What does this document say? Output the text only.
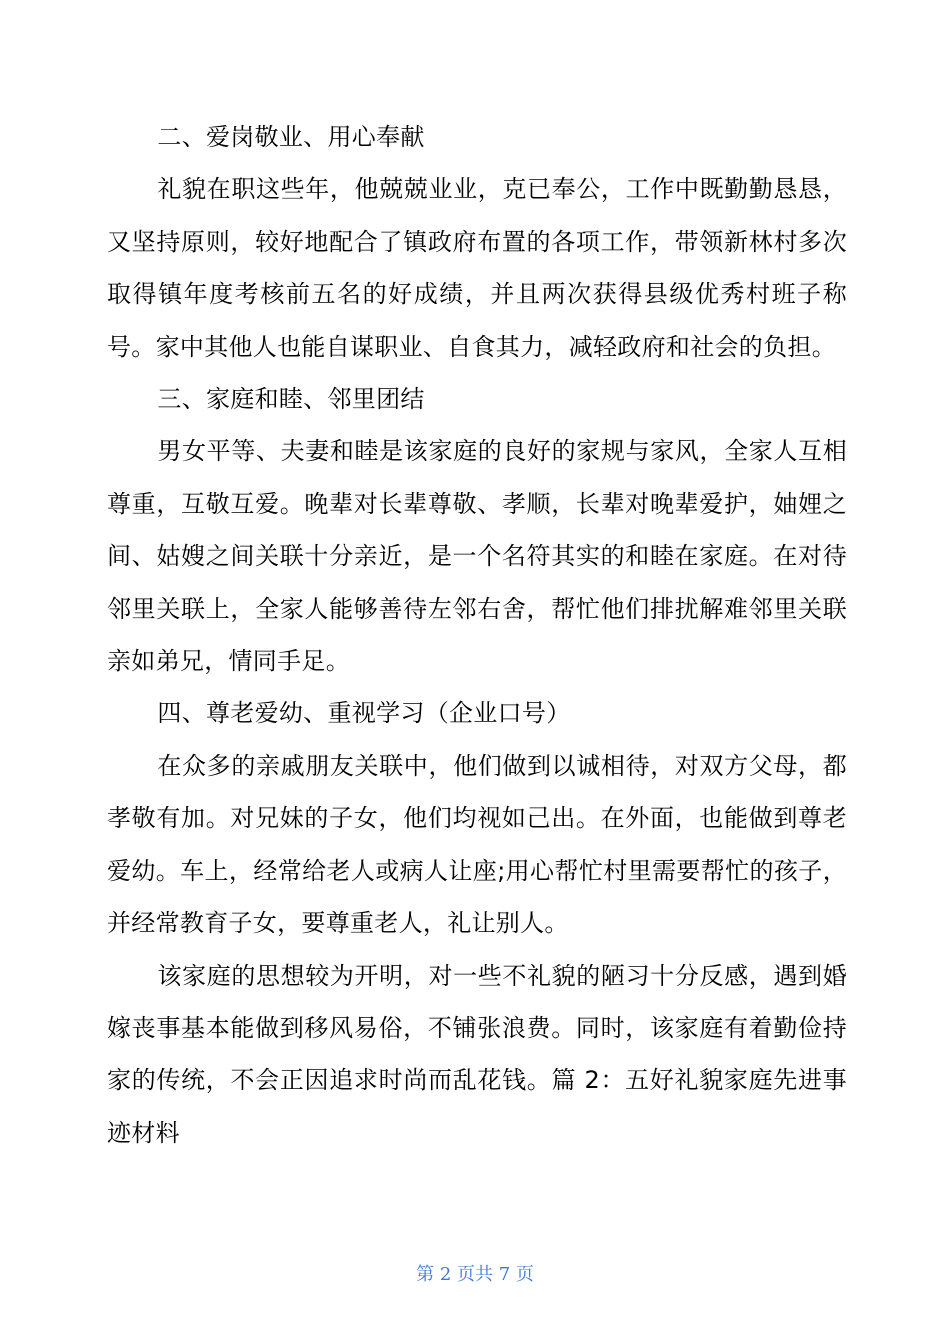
二、爱岗敬业、用心奉献

礼貌在职这些年，他兢兢业业，克已奉公，工作中既勤勤恳恳，又坚持原则，较好地配合了镇政府布置的各项工作，带领新林村多次取得镇年度考核前五名的好成绩，并且两次获得县级优秀村班子称号。家中其他人也能自谋职业、自食其力，减轻政府和社会的负担。

三、家庭和睦、邻里团结

男女平等、夫妻和睦是该家庭的良好的家规与家风，全家人互相尊重，互敬互爱。晚辈对长辈尊敬、孝顺，长辈对晚辈爱护，妯娌之间、姑嫂之间关联十分亲近，是一个名符其实的和睦在家庭。在对待邻里关联上，全家人能够善待左邻右舍，帮忙他们排扰解难邻里关联亲如弟兄，情同手足。

四、尊老爱幼、重视学习（企业口号）

在众多的亲戚朋友关联中，他们做到以诚相待，对双方父母，都孝敬有加。对兄妹的子女，他们均视如己出。在外面，也能做到尊老爱幼。车上，经常给老人或病人让座;用心帮忙村里需要帮忙的孩子，并经常教育子女，要尊重老人，礼让别人。

该家庭的思想较为开明，对一些不礼貌的陋习十分反感，遇到婚嫁丧事基本能做到移风易俗，不铺张浪费。同时，该家庭有着勤俭持家的传统，不会正因追求时尚而乱花钱。篇 2：五好礼貌家庭先进事迹材料

第 2 页共 7 页
